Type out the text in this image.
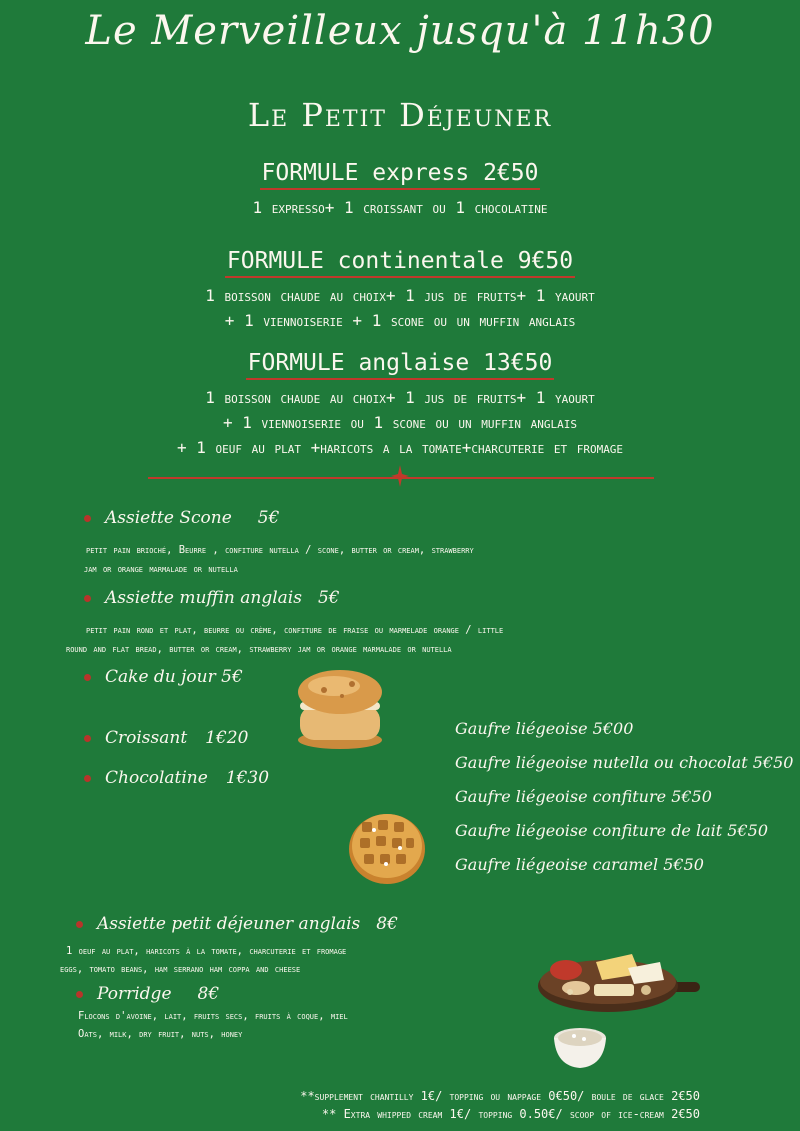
Le Merveilleux jusqu'à 11h30
Le Petit Déjeuner
FORMULE express 2€50
1 expresso+ 1 croissant ou 1 chocolatine
FORMULE continentale 9€50
1 boisson chaude au choix+ 1 jus de fruits+ 1 yaourt
+ 1 viennoiserie + 1 scone ou un muffin anglais
FORMULE anglaise 13€50
1 boisson chaude au choix+ 1 jus de fruits+ 1 yaourt
+ 1 viennoiserie ou 1 scone ou un muffin anglais
+ 1 oeuf au plat +haricots a la tomate+charcuterie et fromage
Assiette Scone 5€
petit pain brioché, Beurre , confiture nutella / scone, butter or cream, strawberry
jam or orange marmalade or nutella
Assiette muffin anglais 5€
petit pain rond et plat, beurre ou crème, confiture de fraise ou marmelade orange / little
round and flat bread, butter or cream, strawberry jam or orange marmalade or nutella
Cake du jour 5€
Croissant 1€20
Chocolatine 1€30
Gaufre liégeoise 5€00
Gaufre liégeoise nutella ou chocolat 5€50
Gaufre liégeoise confiture 5€50
Gaufre liégeoise confiture de lait 5€50
Gaufre liégeoise caramel 5€50
Assiette petit déjeuner anglais 8€
1 oeuf au plat, haricots à la tomate, charcuterie et fromage
eggs, tomato beans, ham serrano ham coppa and cheese
Porridge 8€
Flocons d'avoine, lait, fruits secs, fruits à coque, miel
Oats, milk, dry fruit, nuts, honey
**supplement chantilly 1€/ topping ou nappage 0€50/ boule de glace 2€50
** Extra whipped cream 1€/ topping 0.50€/ scoop of ice-cream 2€50
